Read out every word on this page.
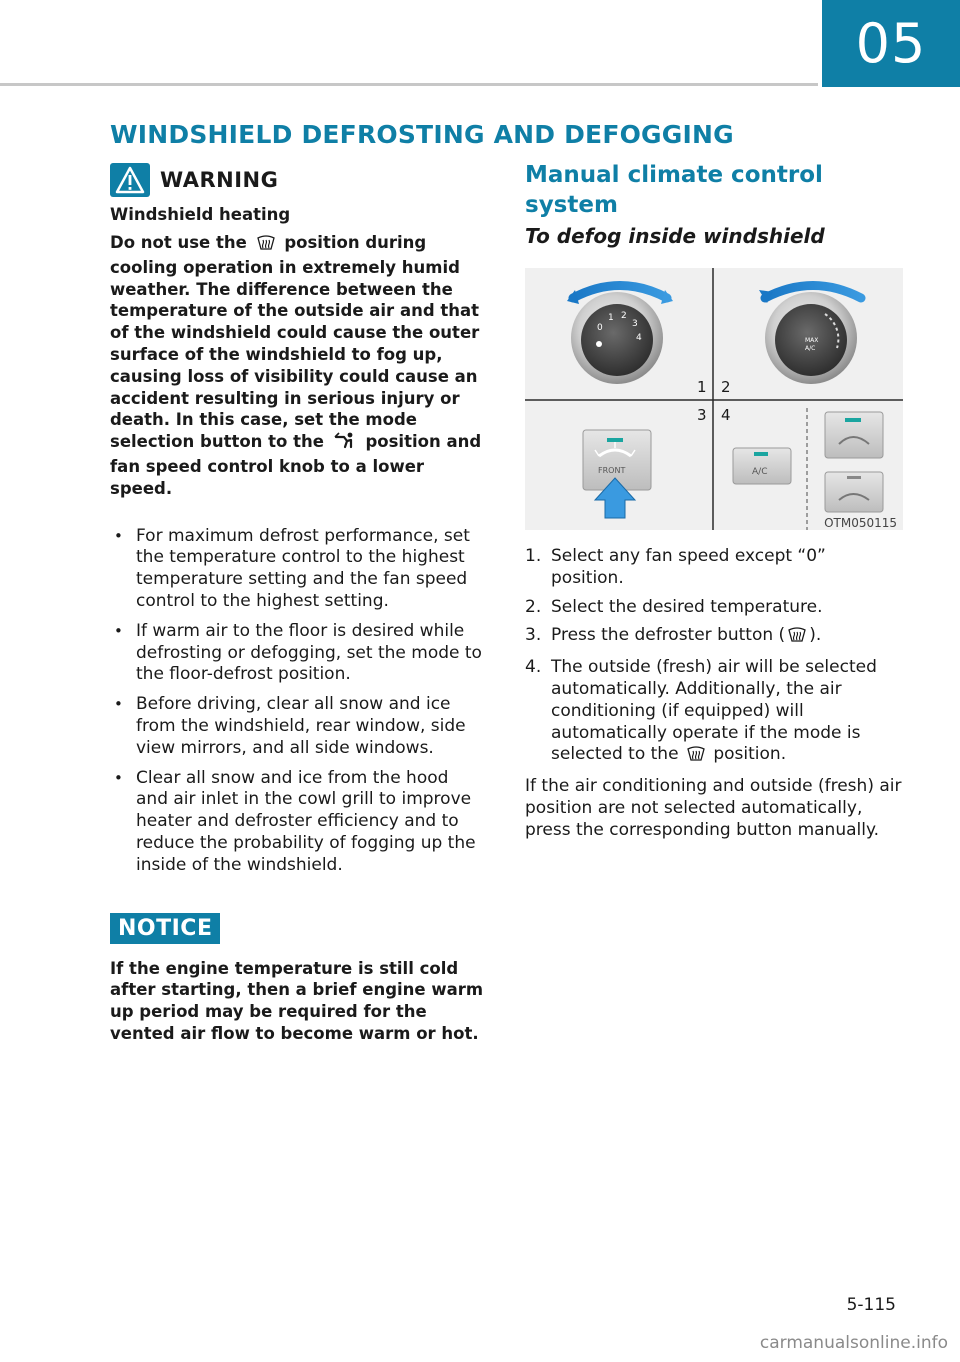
05
WINDSHIELD DEFROSTING AND DEFOGGING
WARNING
Windshield heating

Do not use the position during cooling operation in extremely humid weather. The difference between the temperature of the outside air and that of the windshield could cause the outer surface of the windshield to fog up, causing loss of visibility could cause an accident resulting in serious injury or death. In this case, set the mode selection button to the	position and fan speed control knob to a lower speed.

• For maximum defrost performance, set the temperature control to the highest temperature setting and the fan speed control to the highest setting.
• If warm air to the floor is desired while defrosting or defogging, set the mode to the floor-defrost position.
• Before driving, clear all snow and ice from the windshield, rear window, side view mirrors, and all side windows.
• Clear all snow and ice from the hood and air inlet in the cowl grill to improve heater and defroster efficiency and to reduce the probability of fogging up the inside of the windshield.
NOTICE

If the engine temperature is still cold after starting, then a brief engine warm up period may be required for the vented air flow to become warm or hot.

Manual climate control system
To defog inside windshield
0
1 2
3
4	MAX
A/C
1 2
3 4
FRONT	A/C
OTM050115
1. Select any fan speed except “0” position.
2. Select the desired temperature.
3. Press the defroster button ( ).
4. The outside (fresh) air will be selected automatically. Additionally, the air conditioning (if equipped) will automatically operate if the mode is selected to the position.

If the air conditioning and outside (fresh) air position are not selected automatically, press the corresponding button manually.

5-115
carmanualsonline.info
